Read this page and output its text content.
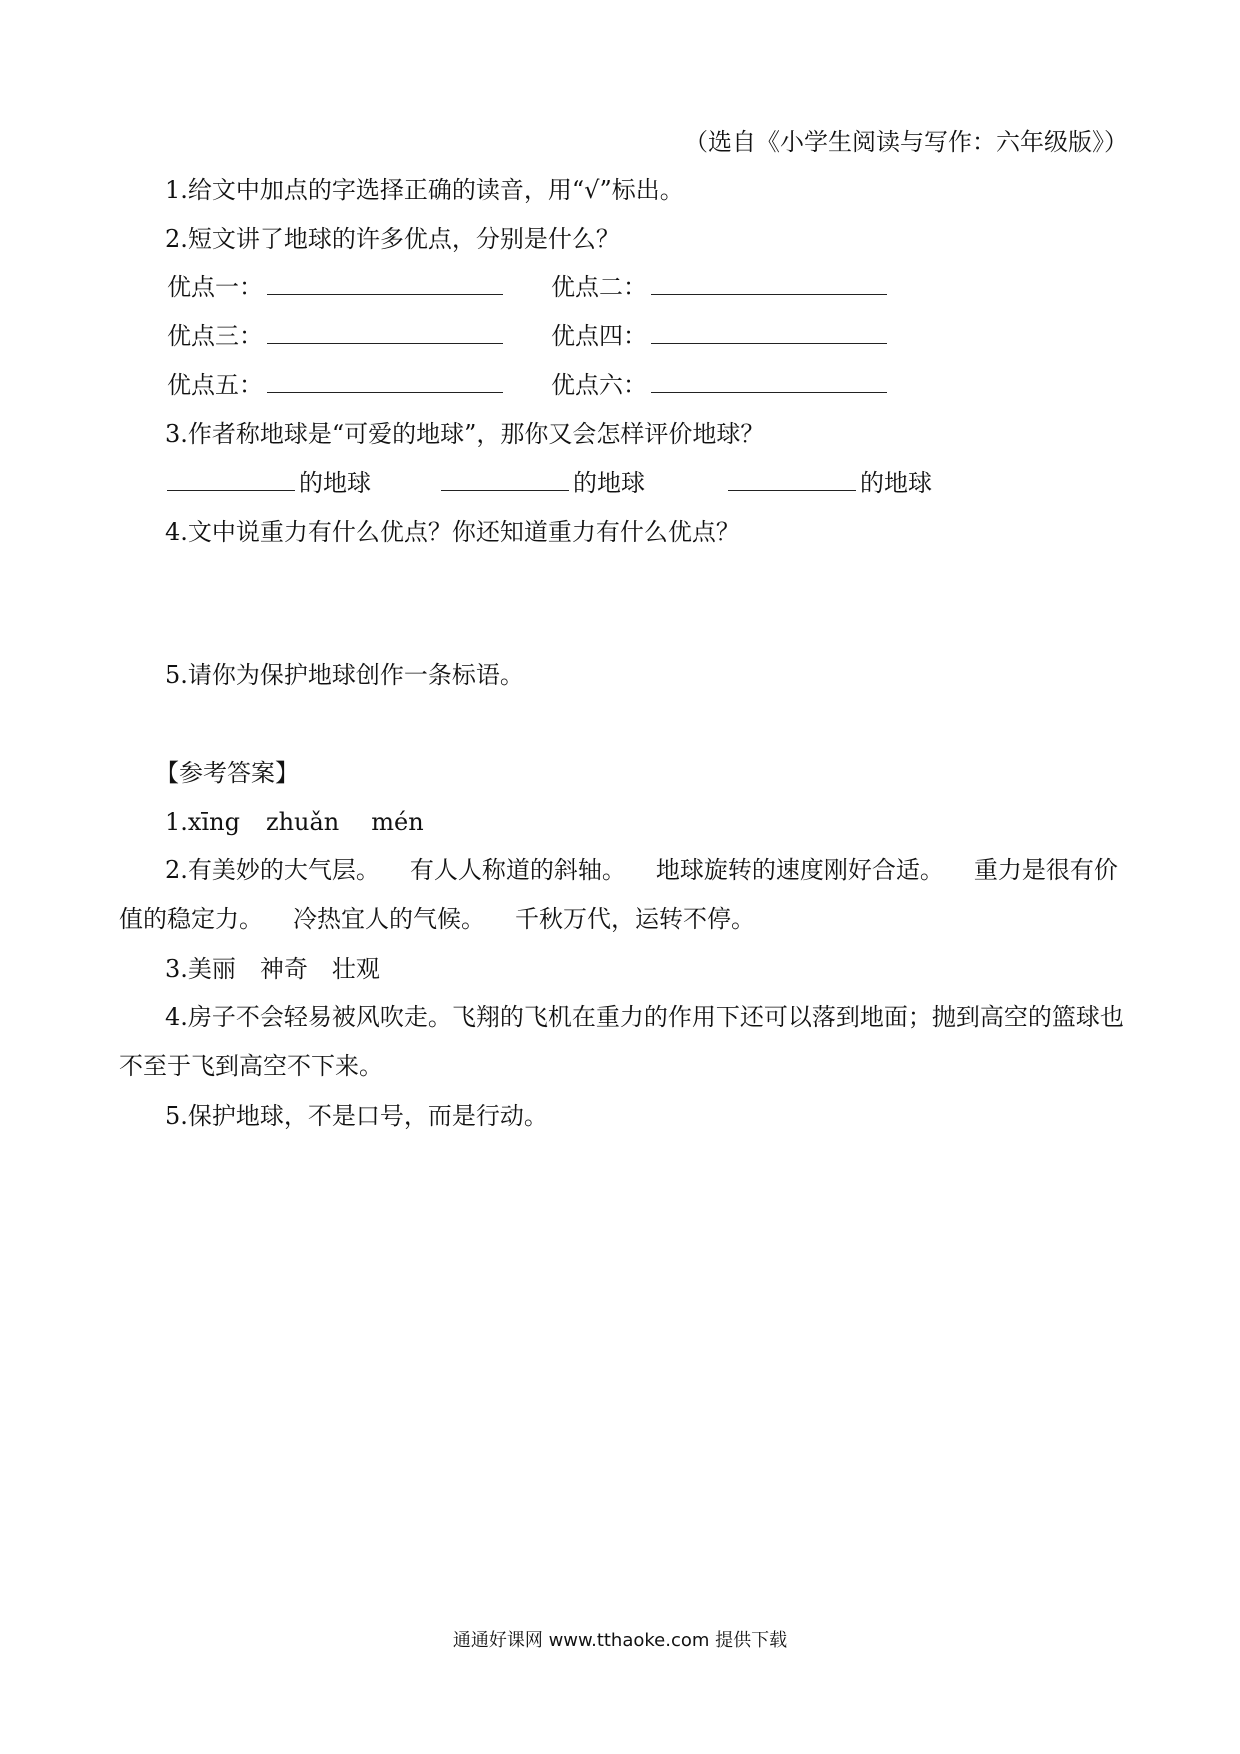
（选自《小学生阅读与写作：六年级版》）
1.给文中加点的字选择正确的读音，用“√”标出。
2.短文讲了地球的许多优点，分别是什么？
优点一：	优点二：
优点三：	优点四：
优点五：	优点六：
3.作者称地球是“可爱的地球”，那你又会怎样评价地球？
的地球	的地球	的地球
4.文中说重力有什么优点？你还知道重力有什么优点？
5.请你为保护地球创作一条标语。
【参考答案】
1.xīng zhuǎn mén
2.有美妙的大气层。 有人人称道的斜轴。 地球旋转的速度刚好合适。 重力是很有价值的稳定力。 冷热宜人的气候。 千秋万代，运转不停。
3.美丽 神奇 壮观
4.房子不会轻易被风吹走。飞翔的飞机在重力的作用下还可以落到地面；抛到高空的篮球也不至于飞到高空不下来。
5.保护地球，不是口号，而是行动。
通通好课网 www.tthaoke.com 提供下载
